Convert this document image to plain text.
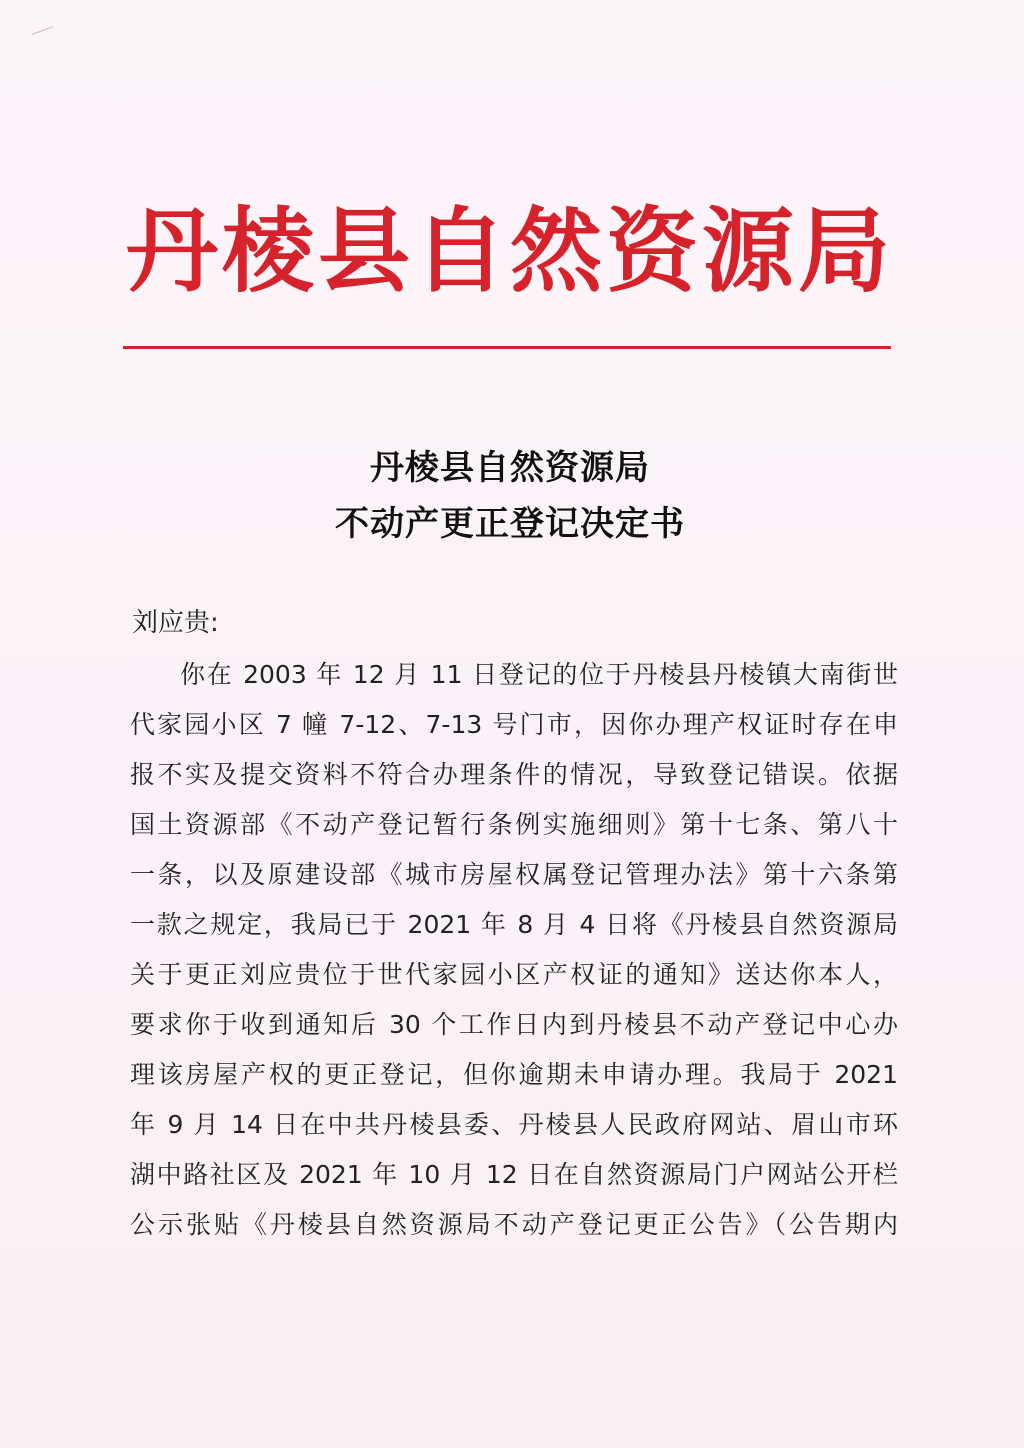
丹棱县自然资源局
丹棱县自然资源局
不动产更正登记决定书
刘应贵:
你在 2003 年 12 月 11 日登记的位于丹棱县丹棱镇大南街世
代家园小区 7 幢 7-12、7-13 号门市，因你办理产权证时存在申
报不实及提交资料不符合办理条件的情况，导致登记错误。依据
国土资源部《不动产登记暂行条例实施细则》第十七条、第八十
一条，以及原建设部《城市房屋权属登记管理办法》第十六条第
一款之规定，我局已于 2021 年 8 月 4 日将《丹棱县自然资源局
关于更正刘应贵位于世代家园小区产权证的通知》送达你本人，
要求你于收到通知后 30 个工作日内到丹棱县不动产登记中心办
理该房屋产权的更正登记，但你逾期未申请办理。我局于 2021
年 9 月 14 日在中共丹棱县委、丹棱县人民政府网站、眉山市环
湖中路社区及 2021 年 10 月 12 日在自然资源局门户网站公开栏
公示张贴《丹棱县自然资源局不动产登记更正公告》（公告期内
